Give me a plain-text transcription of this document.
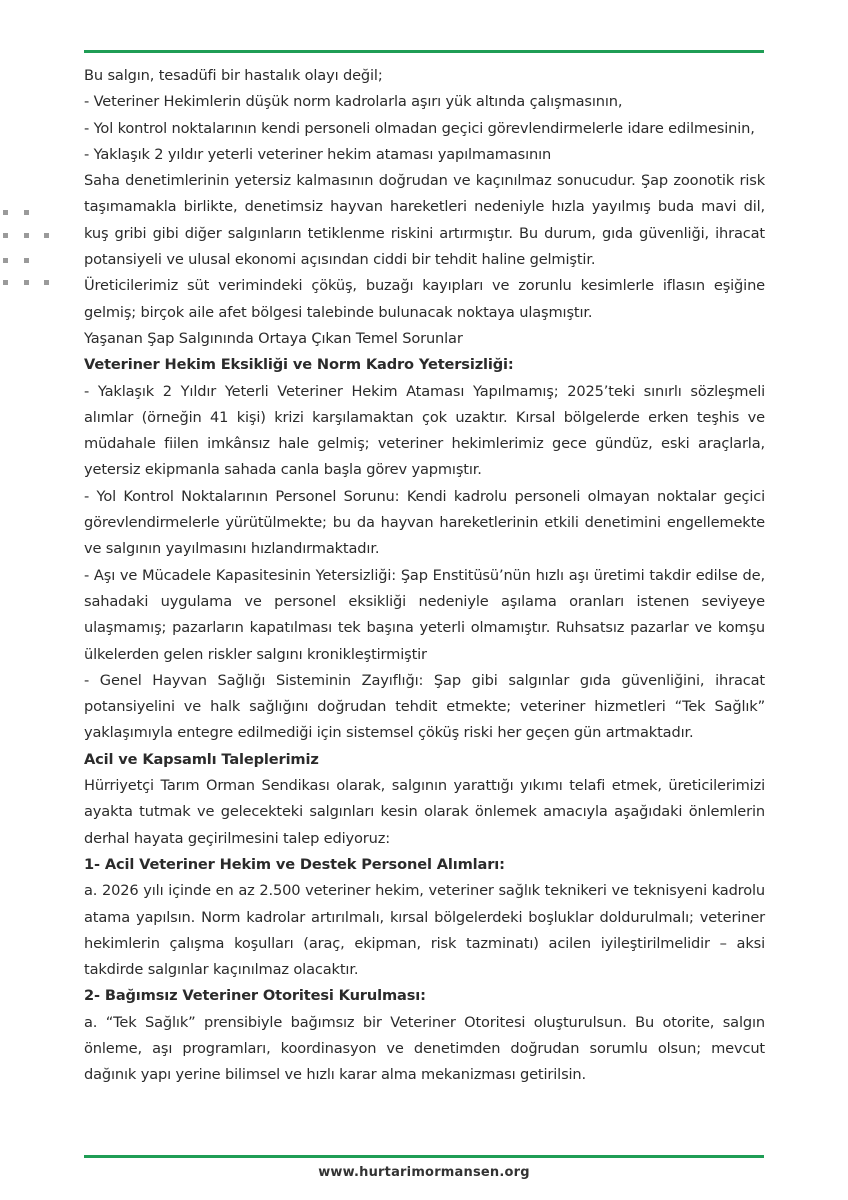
Bu salgın, tesadüfi bir hastalık olayı değil;

- Veteriner Hekimlerin düşük norm kadrolarla aşırı yük altında çalışmasının,

- Yol kontrol noktalarının kendi personeli olmadan geçici görevlendirmelerle idare edilmesinin,

- Yaklaşık 2 yıldır yeterli veteriner hekim ataması yapılmamasının

Saha denetimlerinin yetersiz kalmasının doğrudan ve kaçınılmaz sonucudur. Şap zoonotik risk taşımamakla birlikte, denetimsiz hayvan hareketleri nedeniyle hızla yayılmış buda mavi dil, kuş gribi gibi diğer salgınların tetiklenme riskini artırmıştır. Bu durum, gıda güvenliği, ihracat potansiyeli ve ulusal ekonomi açısından ciddi bir tehdit haline gelmiştir.

Üreticilerimiz süt verimindeki çöküş, buzağı kayıpları ve zorunlu kesimlerle iflasın eşiğine gelmiş; birçok aile afet bölgesi talebinde bulunacak noktaya ulaşmıştır.

Yaşanan Şap Salgınında Ortaya Çıkan Temel Sorunlar

Veteriner Hekim Eksikliği ve Norm Kadro Yetersizliği:

- Yaklaşık 2 Yıldır Yeterli Veteriner Hekim Ataması Yapılmamış; 2025’teki sınırlı sözleşmeli alımlar (örneğin 41 kişi) krizi karşılamaktan çok uzaktır. Kırsal bölgelerde erken teşhis ve müdahale fiilen imkânsız hale gelmiş; veteriner hekimlerimiz gece gündüz, eski araçlarla, yetersiz ekipmanla sahada canla başla görev yapmıştır.

- Yol Kontrol Noktalarının Personel Sorunu: Kendi kadrolu personeli olmayan noktalar geçici görevlendirmelerle yürütülmekte; bu da hayvan hareketlerinin etkili denetimini engellemekte ve salgının yayılmasını hızlandırmaktadır.

- Aşı ve Mücadele Kapasitesinin Yetersizliği: Şap Enstitüsü’nün hızlı aşı üretimi takdir edilse de, sahadaki uygulama ve personel eksikliği nedeniyle aşılama oranları istenen seviyeye ulaşmamış; pazarların kapatılması tek başına yeterli olmamıştır. Ruhsatsız pazarlar ve komşu ülkelerden gelen riskler salgını kronikleştirmiştir

- Genel Hayvan Sağlığı Sisteminin Zayıflığı: Şap gibi salgınlar gıda güvenliğini, ihracat potansiyelini ve halk sağlığını doğrudan tehdit etmekte; veteriner hizmetleri “Tek Sağlık” yaklaşımıyla entegre edilmediği için sistemsel çöküş riski her geçen gün artmaktadır.

Acil ve Kapsamlı Taleplerimiz

Hürriyetçi Tarım Orman Sendikası olarak, salgının yarattığı yıkımı telafi etmek, üreticilerimizi ayakta tutmak ve gelecekteki salgınları kesin olarak önlemek amacıyla aşağıdaki önlemlerin derhal hayata geçirilmesini talep ediyoruz:

1- Acil Veteriner Hekim ve Destek Personel Alımları:

a. 2026 yılı içinde en az 2.500 veteriner hekim, veteriner sağlık teknikeri ve teknisyeni kadrolu atama yapılsın. Norm kadrolar artırılmalı, kırsal bölgelerdeki boşluklar doldurulmalı; veteriner hekimlerin çalışma koşulları (araç, ekipman, risk tazminatı) acilen iyileştirilmelidir – aksi takdirde salgınlar kaçınılmaz olacaktır.

2- Bağımsız Veteriner Otoritesi Kurulması:

a. “Tek Sağlık” prensibiyle bağımsız bir Veteriner Otoritesi oluşturulsun. Bu otorite, salgın önleme, aşı programları, koordinasyon ve denetimden doğrudan sorumlu olsun; mevcut dağınık yapı yerine bilimsel ve hızlı karar alma mekanizması getirilsin.

www.hurtarimormansen.org
